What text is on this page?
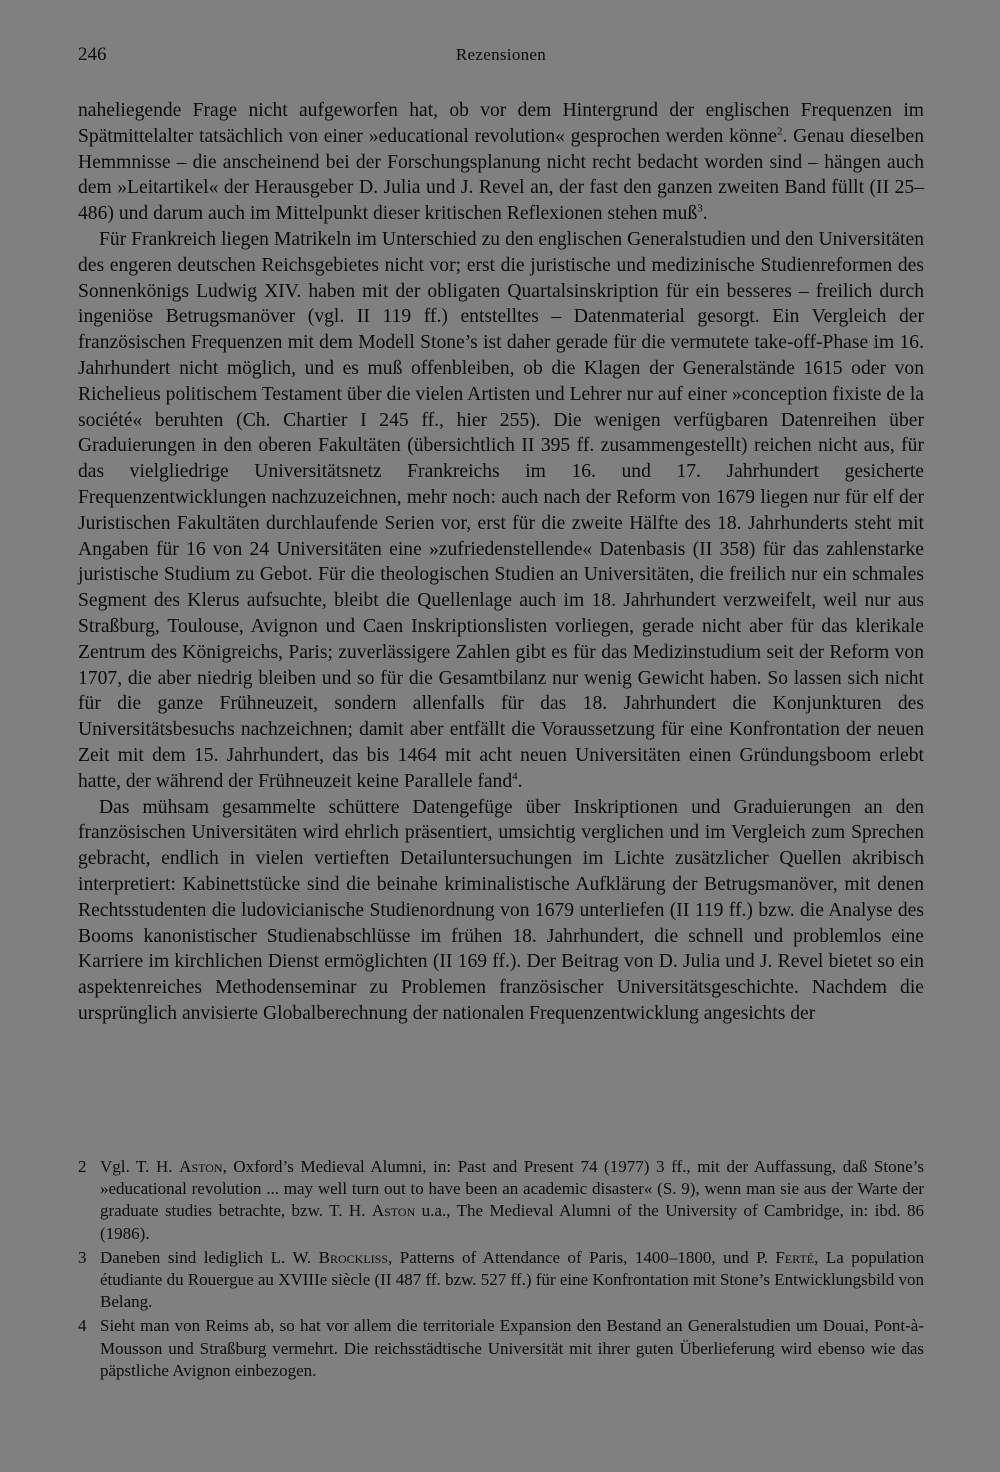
246	Rezensionen

naheliegende Frage nicht aufgeworfen hat, ob vor dem Hintergrund der englischen Frequenzen im Spätmittelalter tatsächlich von einer »educational revolution« gesprochen werden könne$^2$. Genau dieselben Hemmnisse – die anscheinend bei der Forschungsplanung nicht recht bedacht worden sind – hängen auch dem »Leitartikel« der Herausgeber D. Julia und J. Revel an, der fast den ganzen zweiten Band füllt (II 25–486) und darum auch im Mittelpunkt dieser kritischen Reflexionen stehen muß$^3$.

Für Frankreich liegen Matrikeln im Unterschied zu den englischen Generalstudien und den Universitäten des engeren deutschen Reichsgebietes nicht vor; erst die juristische und medizinische Studienreformen des Sonnenkönigs Ludwig XIV. haben mit der obligaten Quartalsinskription für ein besseres – freilich durch ingeniöse Betrugsmanöver (vgl. II 119 ff.) entstelltes – Datenmaterial gesorgt. Ein Vergleich der französischen Frequenzen mit dem Modell Stone’s ist daher gerade für die vermutete take-off-Phase im 16. Jahrhundert nicht möglich, und es muß offenbleiben, ob die Klagen der Generalstände 1615 oder von Richelieus politischem Testament über die vielen Artisten und Lehrer nur auf einer »conception fixiste de la société« beruhten (Ch. Chartier I 245 ff., hier 255). Die wenigen verfügbaren Datenreihen über Graduierungen in den oberen Fakultäten (übersichtlich II 395 ff. zusammengestellt) reichen nicht aus, für das vielgliedrige Universitätsnetz Frankreichs im 16. und 17. Jahrhundert gesicherte Frequenzentwicklungen nachzuzeichnen, mehr noch: auch nach der Reform von 1679 liegen nur für elf der Juristischen Fakultäten durchlaufende Serien vor, erst für die zweite Hälfte des 18. Jahrhunderts steht mit Angaben für 16 von 24 Universitäten eine »zufriedenstellende« Datenbasis (II 358) für das zahlenstarke juristische Studium zu Gebot. Für die theologischen Studien an Universitäten, die freilich nur ein schmales Segment des Klerus aufsuchte, bleibt die Quellenlage auch im 18. Jahrhundert verzweifelt, weil nur aus Straßburg, Toulouse, Avignon und Caen Inskriptionslisten vorliegen, gerade nicht aber für das klerikale Zentrum des Königreichs, Paris; zuverlässigere Zahlen gibt es für das Medizinstudium seit der Reform von 1707, die aber niedrig bleiben und so für die Gesamtbilanz nur wenig Gewicht haben. So lassen sich nicht für die ganze Frühneuzeit, sondern allenfalls für das 18. Jahrhundert die Konjunkturen des Universitätsbesuchs nachzeichnen; damit aber entfällt die Voraussetzung für eine Konfrontation der neuen Zeit mit dem 15. Jahrhundert, das bis 1464 mit acht neuen Universitäten einen Gründungsboom erlebt hatte, der während der Frühneuzeit keine Parallele fand$^4$.

Das mühsam gesammelte schüttere Datengefüge über Inskriptionen und Graduierungen an den französischen Universitäten wird ehrlich präsentiert, umsichtig verglichen und im Vergleich zum Sprechen gebracht, endlich in vielen vertieften Detailuntersuchungen im Lichte zusätzlicher Quellen akribisch interpretiert: Kabinettstücke sind die beinahe kriminalistische Aufklärung der Betrugsmanöver, mit denen Rechtsstudenten die ludovicianische Studienordnung von 1679 unterliefen (II 119 ff.) bzw. die Analyse des Booms kanonistischer Studienabschlüsse im frühen 18. Jahrhundert, die schnell und problemlos eine Karriere im kirchlichen Dienst ermöglichten (II 169 ff.). Der Beitrag von D. Julia und J. Revel bietet so ein aspektenreiches Methodenseminar zu Problemen französischer Universitätsgeschichte. Nachdem die ursprünglich anvisierte Globalberechnung der nationalen Frequenzentwicklung angesichts der

2 Vgl. T. H. Aston, Oxford’s Medieval Alumni, in: Past and Present 74 (1977) 3 ff., mit der Auffassung, daß Stone’s »educational revolution ... may well turn out to have been an academic disaster« (S. 9), wenn man sie aus der Warte der graduate studies betrachte, bzw. T. H. Aston u.a., The Medieval Alumni of the University of Cambridge, in: ibd. 86 (1986).
3 Daneben sind lediglich L. W. Brockliss, Patterns of Attendance of Paris, 1400–1800, und P. Ferté, La population étudiante du Rouergue au XVIIIe siècle (II 487 ff. bzw. 527 ff.) für eine Konfrontation mit Stone’s Entwicklungsbild von Belang.
4 Sieht man von Reims ab, so hat vor allem die territoriale Expansion den Bestand an Generalstudien um Douai, Pont-à-Mousson und Straßburg vermehrt. Die reichsstädtische Universität mit ihrer guten Überlieferung wird ebenso wie das päpstliche Avignon einbezogen.
